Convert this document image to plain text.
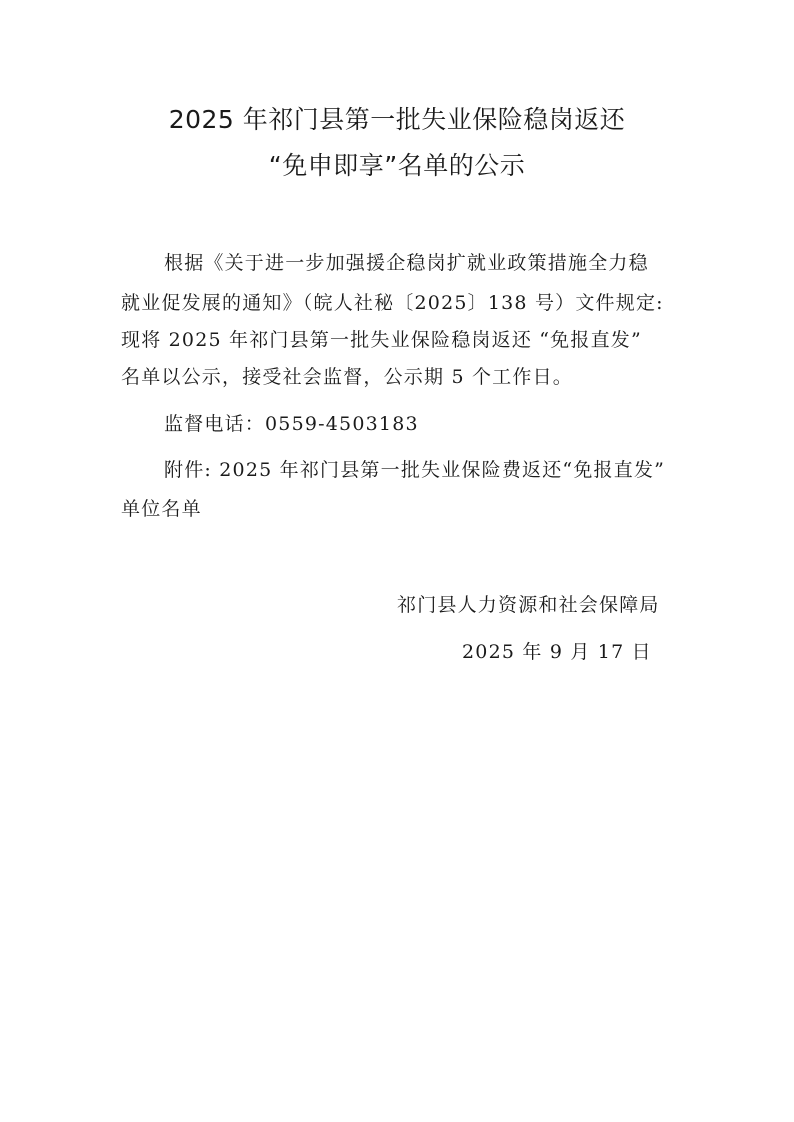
2025 年祁门县第一批失业保险稳岗返还
“免申即享”名单的公示
根据《关于进一步加强援企稳岗扩就业政策措施全力稳
就业促发展的通知》（皖人社秘〔2025〕138 号）文件规定:
现将 2025 年祁门县第一批失业保险稳岗返还 “免报直发”
名单以公示，接受社会监督，公示期 5 个工作日。
监督电话：0559-4503183
附件: 2025 年祁门县第一批失业保险费返还“免报直发”
单位名单
祁门县人力资源和社会保障局
2025 年 9 月 17 日
